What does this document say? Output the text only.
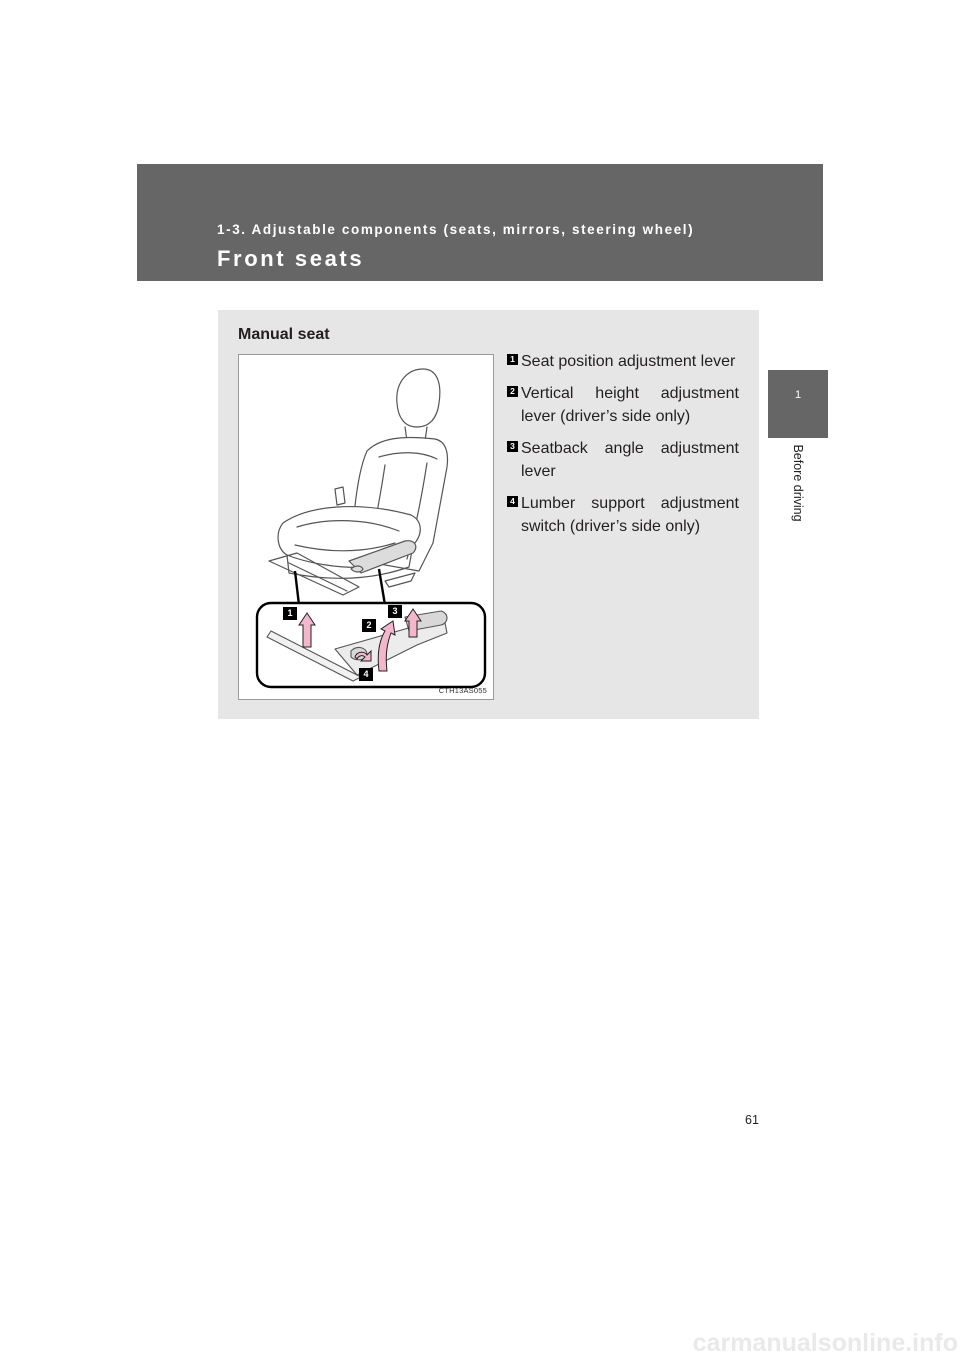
1-3. Adjustable components (seats, mirrors, steering wheel)
Front seats
1
Before driving
Manual seat
1
2
3
4
CTH13AS055
1 Seat position adjustment lever
2 Vertical height adjustment lever (driver’s side only)
3 Seatback angle adjustment lever
4 Lumber support adjustment switch (driver’s side only)
61
carmanualsonline.info
